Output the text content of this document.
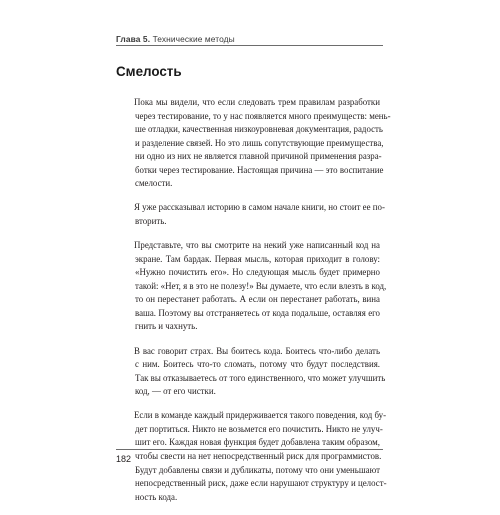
Глава 5. Технические методы
Смелость
Пока мы видели, что если следовать трем правилам разработки
через тестирование, то у нас появляется много преимуществ: мень-
ше отладки, качественная низкоуровневая документация, радость
и разделение связей. Но это лишь сопутствующие преимущества,
ни одно из них не является главной причиной применения разра-
ботки через тестирование. Настоящая причина — это воспитание
смелости.
Я уже рассказывал историю в самом начале книги, но стоит ее по-
вторить.
Представьте, что вы смотрите на некий уже написанный код на
экране. Там бардак. Первая мысль, которая приходит в голову:
«Нужно почистить его». Но следующая мысль будет примерно
такой: «Нет, я в это не полезу!» Вы думаете, что если влезть в код,
то он перестанет работать. А если он перестанет работать, вина
ваша. Поэтому вы отстраняетесь от кода подальше, оставляя его
гнить и чахнуть.
В вас говорит страх. Вы боитесь кода. Боитесь что-либо делать
с ним. Боитесь что-то сломать, потому что будут последствия.
Так вы отказываетесь от того единственного, что может улучшить
код, — от его чистки.
Если в команде каждый придерживается такого поведения, код бу-
дет портиться. Никто не возьмется его почистить. Никто не улуч-
шит его. Каждая новая функция будет добавлена таким образом,
чтобы свести на нет непосредственный риск для программистов.
Будут добавлены связи и дубликаты, потому что они уменьшают
непосредственный риск, даже если нарушают структуру и целост-
ность кода.
182
